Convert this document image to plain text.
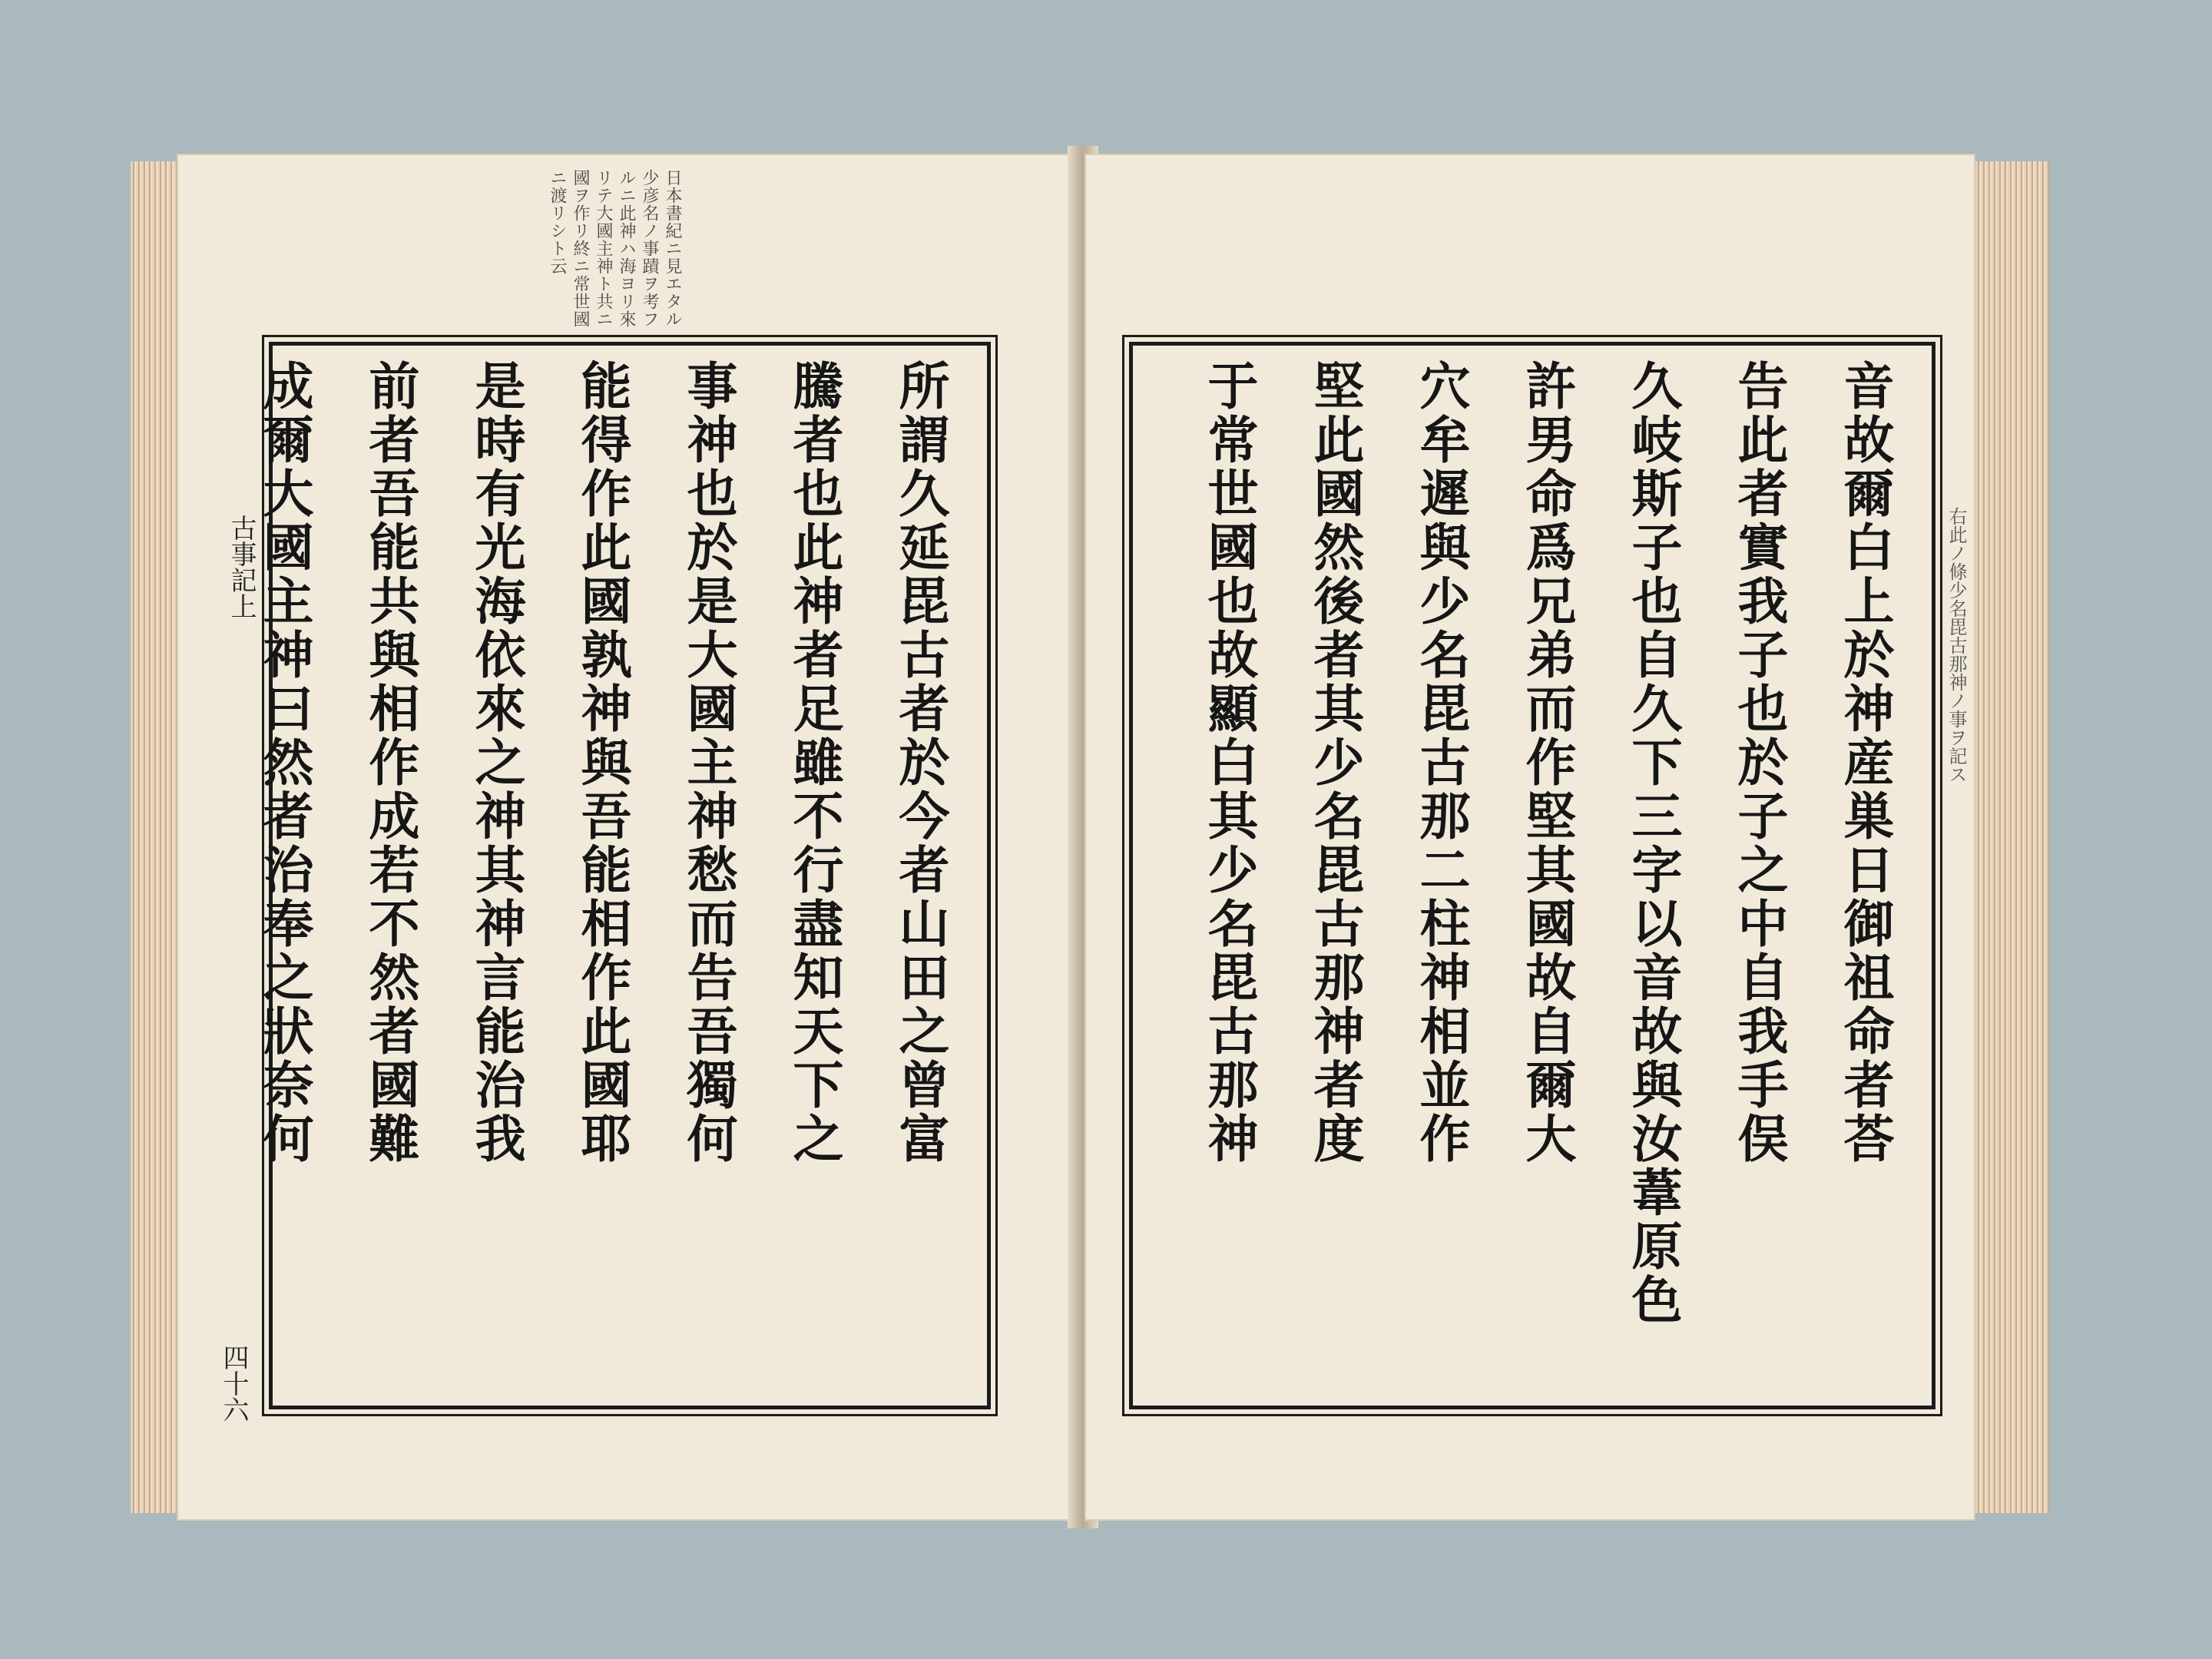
日本書紀ニ見エタル少彦名ノ事蹟ヲ考フルニ此神ハ海ヨリ來リテ大國主神ト共ニ國ヲ作リ終ニ常世國ニ渡リシト云
所謂久延毘古者於今者山田之曾富
騰者也此神者足雖不行盡知天下之
事神也於是大國主神愁而告吾獨何
能得作此國孰神與吾能相作此國耶
是時有光海依來之神其神言能治我
前者吾能共與相作成若不然者國難
成爾大國主神曰然者治奉之狀奈何	音故爾白上於神産巣日御祖命者荅
告此者實我子也於子之中自我手俣
久岐斯子也自久下三字以音故與汝葦原色
許男命爲兄弟而作堅其國故自爾大
穴牟遲與少名毘古那二柱神相並作
堅此國然後者其少名毘古那神者度
于常世國也故顯白其少名毘古那神
古事記上
四十六
右此ノ條少名毘古那神ノ事ヲ記ス
